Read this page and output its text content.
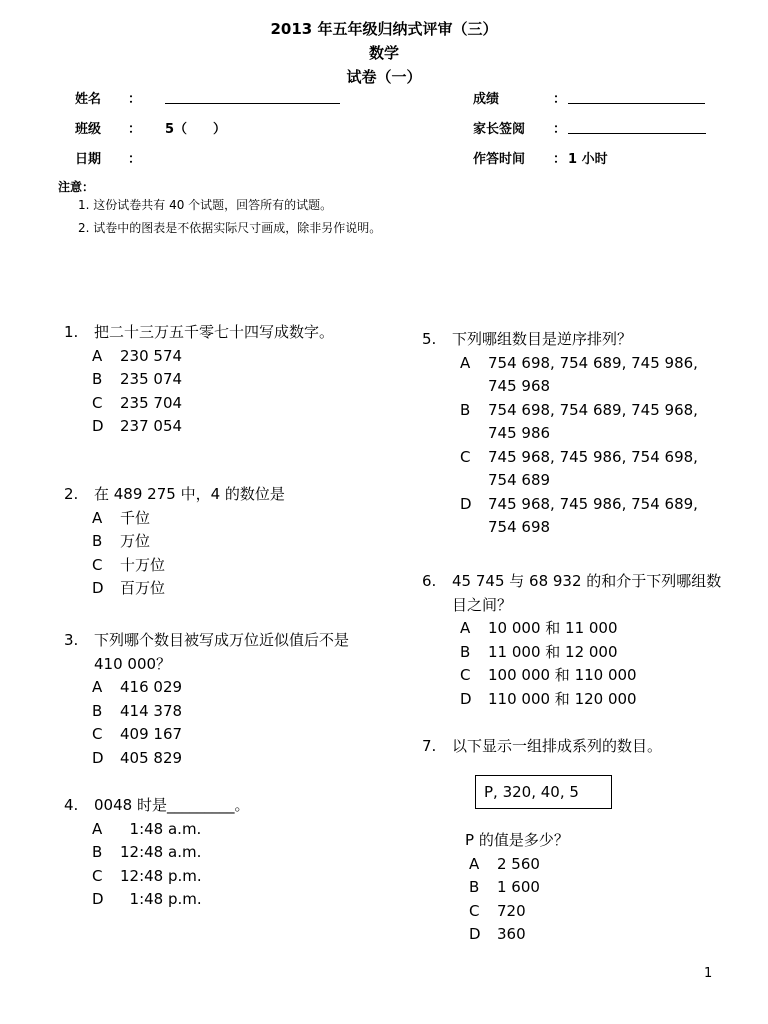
2013 年五年级归纳式评审（三）
数学
试卷（一）
姓名 ：
班级 ： 5（　　）
日期 ：
成绩	：
家长签阅 ：
作答时间 ： 1 小时
注意：
1. 这份试卷共有 40 个试题，回答所有的试题。
2. 试卷中的图表是不依据实际尺寸画成，除非另作说明。
1.	把二十三万五千零七十四写成数字。
A	230 574
B	235 074
C	235 704
D	237 054
2.	在 489 275 中，4 的数位是
A	千位
B	万位
C	十万位
D	百万位
3.	下列哪个数目被写成万位近似值后不是 410 000？
A	416 029
B	414 378
C	409 167
D	405 829
4.	0048 时是_________。
A	1:48 a.m.
B	12:48 a.m.
C	12:48 p.m.
D	1:48 p.m.
5.	下列哪组数目是逆序排列？
A	754 698, 754 689, 745 986, 745 968
B	754 698, 754 689, 745 968, 745 986
C	745 968, 745 986, 754 698, 754 689
D	745 968, 745 986, 754 689, 754 698
6.	45 745 与 68 932 的和介于下列哪组数目之间？
A	10 000 和 11 000
B	11 000 和 12 000
C	100 000 和 110 000
D	110 000 和 120 000
7.	以下显示一组排成系列的数目。
P, 320, 40, 5
P 的值是多少？
A	2 560
B	1 600
C	720
D	360
1
